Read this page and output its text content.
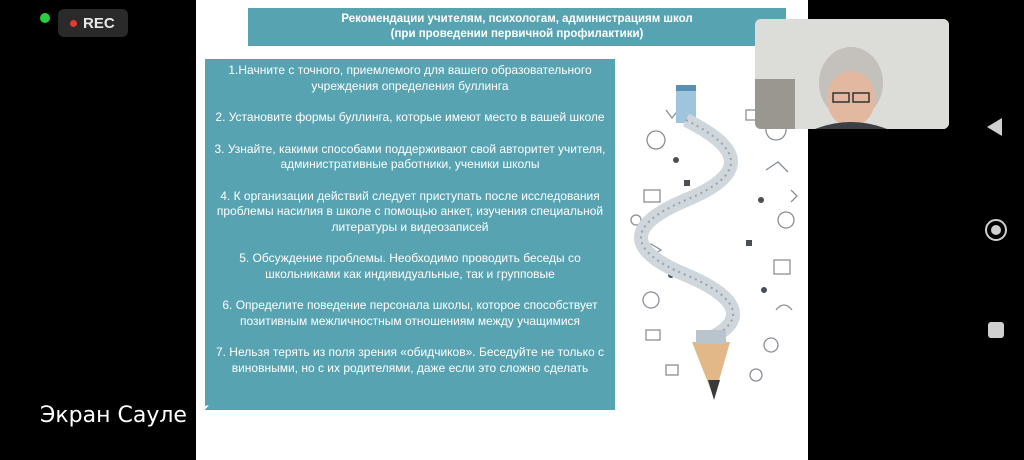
REC	Рекомендации учителям, психологам, администрациям школ
(при проведении первичной профилактики)
1.Начните с точного, приемлемого для вашего образовательного учреждения определения буллинга
2. Установите формы буллинга, которые имеют место в вашей школе
3. Узнайте, какими способами поддерживают свой авторитет учителя, административные работники, ученики школы
4. К организации действий следует приступать после исследования проблемы насилия в школе с помощью анкет, изучения специальной литературы и видеозаписей
5. Обсуждение проблемы. Необходимо проводить беседы со школьниками как индивидуальные, так и групповые
6. Определите поведение персонала школы, которое способствует позитивным межличностным отношениям между учащимися
7. Нельзя терять из поля зрения «обидчиков». Беседуйте не только с виновными, но с их родителями, даже если это сложно сделать
Экран Сауле К
